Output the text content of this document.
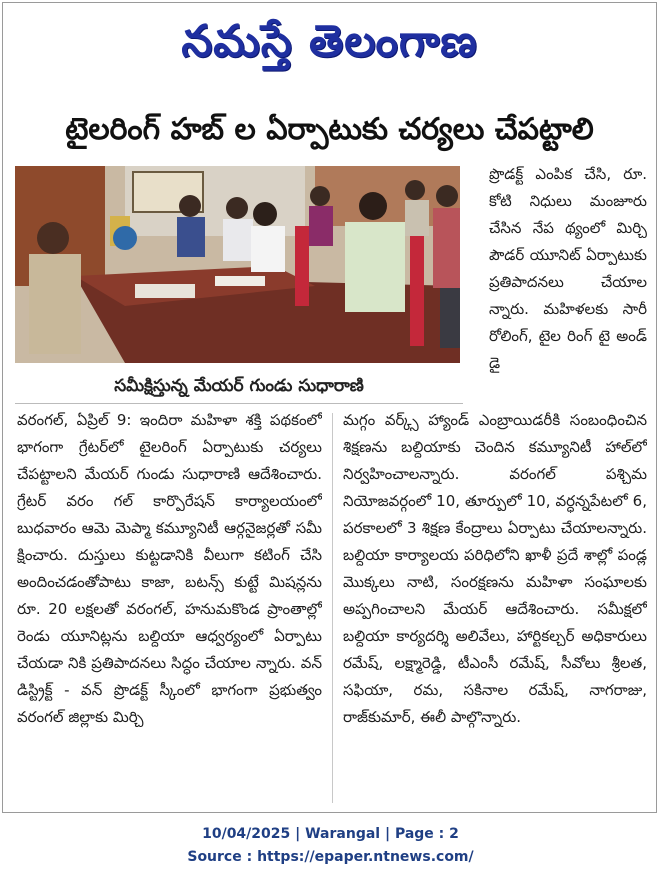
నమస్తే తెలంగాణ
టైలరింగ్ హబ్ ల ఏర్పాటుకు చర్యలు చేపట్టాలి
సమీక్షిస్తున్న మేయర్ గుండు సుధారాణి
ప్రొడక్ట్ ఎంపిక చేసి, రూ. కోటి నిధులు మంజూరు చేసిన నేప థ్యంలో మిర్చి పౌడర్ యూనిట్ ఏర్పాటుకు ప్రతిపాదనలు చేయాల న్నారు. మహిళలకు సారీ రోలింగ్, టైల రింగ్ టై అండ్ డై
వరంగల్, ఏప్రిల్ 9: ఇందిరా మహిళా శక్తి పథకంలో భాగంగా గ్రేటర్‌లో టైలరింగ్ ఏర్పాటుకు చర్యలు చేపట్టాలని మేయర్ గుండు సుధారాణి ఆదేశించారు. గ్రేటర్ వరం గల్ కార్పొరేషన్ కార్యాలయంలో బుధవారం ఆమె మెప్మా కమ్యూనిటీ ఆర్గనైజర్లతో సమీ క్షించారు. దుస్తులు కుట్టడానికి వీలుగా కటింగ్ చేసి అందించడంతోపాటు కాజా, బటన్స్ కుట్టే మిషన్లను రూ. 20 లక్షలతో వరంగల్, హనుమకొండ ప్రాంతాల్లో రెండు యూనిట్లను బల్దియా ఆధ్వర్యంలో ఏర్పాటు చేయడా నికి ప్రతిపాదనలు సిద్ధం చేయాల న్నారు. వన్ డిస్ట్రిక్ట్ - వన్ ప్రొడక్ట్ స్కీంలో భాగంగా ప్రభుత్వం వరంగల్ జిల్లాకు మిర్చి
మగ్గం వర్క్స్ హ్యాండ్ ఎంబ్రాయిడరీకి సంబంధించిన శిక్షణను బల్దియాకు చెందిన కమ్యూనిటీ హాల్‌లో నిర్వహించాలన్నారు. వరంగల్ పశ్చిమ నియోజవర్గంలో 10, తూర్పులో 10, వర్ధన్నపేటలో 6, పరకాలలో 3 శిక్షణ కేంద్రాలు ఏర్పాటు చేయాలన్నారు. బల్దియా కార్యాలయ పరిధిలోని ఖాళీ ప్రదే శాల్లో పండ్ల మొక్కలు నాటి, సంరక్షణను మహిళా సంఘాలకు అప్పగించాలని మేయర్ ఆదేశించారు. సమీక్షలో బల్దియా కార్యదర్శి అలివేలు, హార్టికల్చర్ అధికారులు రమేష్, లక్ష్మారెడ్డి, టీఎంసీ రమేష్, సీవోలు శ్రీలత, సఫియా, రమ, సకినాల రమేష్, నాగరాజు, రాజ్‌కుమార్, ఈలీ పాల్గొన్నారు.
10/04/2025 | Warangal | Page : 2
Source : https://epaper.ntnews.com/
